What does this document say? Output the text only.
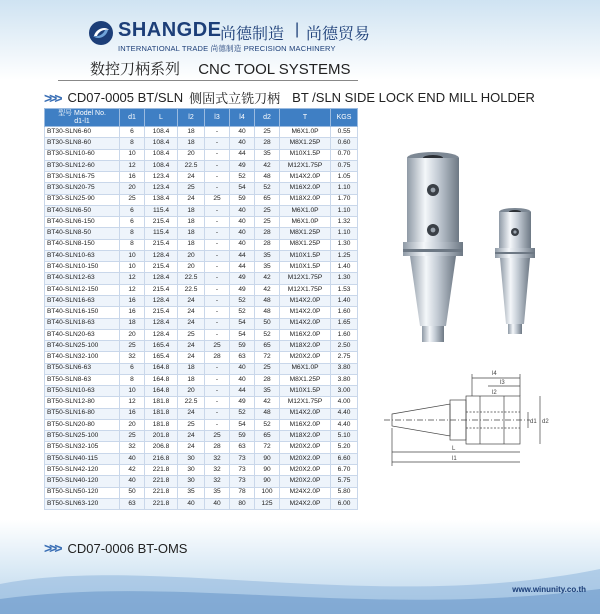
SHANGDE
尚德制造 | 尚德贸易
INTERNATIONAL TRADE 尚德制造 PRECISION MACHINERY
数控刀柄系列 CNC TOOL SYSTEMS
>>> CD07-0005 BT/SLN 侧固式立铣刀柄 BT /SLN SIDE LOCK END MILL HOLDER
型号 Model No.
d1-l1	d1	L	l2	l3	l4	d2	T	KGS
BT30-SLN6-60	6	108.4	18	-	40	25	M6X1.0P	0.55
BT30-SLN8-60	8	108.4	18	-	40	28	M8X1.25P	0.60
BT30-SLN10-60	10	108.4	20	-	44	35	M10X1.5P	0.70
BT30-SLN12-60	12	108.4	22.5	-	49	42	M12X1.75P	0.75
BT30-SLN16-75	16	123.4	24	-	52	48	M14X2.0P	1.05
BT30-SLN20-75	20	123.4	25	-	54	52	M16X2.0P	1.10
BT30-SLN25-90	25	138.4	24	25	59	65	M18X2.0P	1.70
BT40-SLN6-50	6	115.4	18	-	40	25	M6X1.0P	1.10
BT40-SLN6-150	6	215.4	18	-	40	25	M6X1.0P	1.32
BT40-SLN8-50	8	115.4	18	-	40	28	M8X1.25P	1.10
BT40-SLN8-150	8	215.4	18	-	40	28	M8X1.25P	1.30
BT40-SLN10-63	10	128.4	20	-	44	35	M10X1.5P	1.25
BT40-SLN10-150	10	215.4	20	-	44	35	M10X1.5P	1.40
BT40-SLN12-63	12	128.4	22.5	-	49	42	M12X1.75P	1.30
BT40-SLN12-150	12	215.4	22.5	-	49	42	M12X1.75P	1.53
BT40-SLN16-63	16	128.4	24	-	52	48	M14X2.0P	1.40
BT40-SLN16-150	16	215.4	24	-	52	48	M14X2.0P	1.60
BT40-SLN18-63	18	128.4	24	-	54	50	M14X2.0P	1.65
BT40-SLN20-63	20	128.4	25	-	54	52	M16X2.0P	1.60
BT40-SLN25-100	25	165.4	24	25	59	65	M18X2.0P	2.50
BT40-SLN32-100	32	165.4	24	28	63	72	M20X2.0P	2.75
BT50-SLN6-63	6	164.8	18	-	40	25	M6X1.0P	3.80
BT50-SLN8-63	8	164.8	18	-	40	28	M8X1.25P	3.80
BT50-SLN10-63	10	164.8	20	-	44	35	M10X1.5P	3.00
BT50-SLN12-80	12	181.8	22.5	-	49	42	M12X1.75P	4.00
BT50-SLN16-80	16	181.8	24	-	52	48	M14X2.0P	4.40
BT50-SLN20-80	20	181.8	25	-	54	52	M16X2.0P	4.40
BT50-SLN25-100	25	201.8	24	25	59	65	M18X2.0P	5.10
BT50-SLN32-105	32	206.8	24	28	63	72	M20X2.0P	5.20
BT50-SLN40-115	40	216.8	30	32	73	90	M20X2.0P	6.60
BT50-SLN42-120	42	221.8	30	32	73	90	M20X2.0P	6.70
BT50-SLN40-120	40	221.8	30	32	73	90	M20X2.0P	5.75
BT50-SLN50-120	50	221.8	35	35	78	100	M24X2.0P	5.80
BT50-SLN63-120	63	221.8	40	40	80	125	M24X2.0P	6.00
l4
l3
l2
d1 d2
L
l1
>>> CD07-0006 BT-OMS
www.winunity.co.th
